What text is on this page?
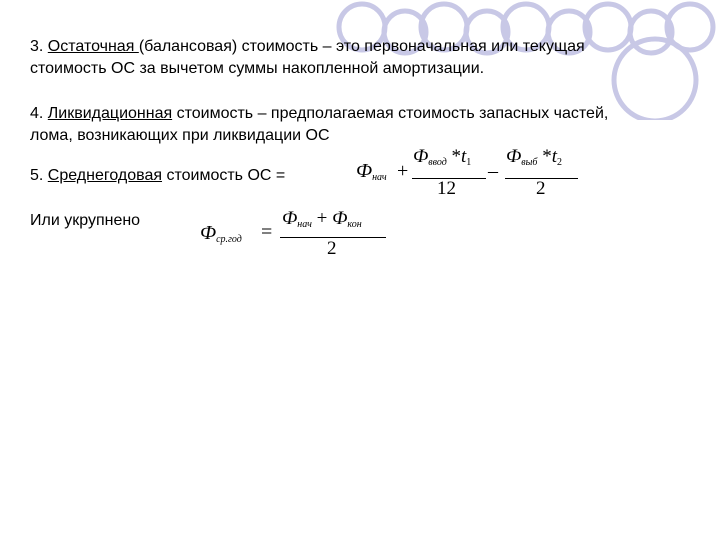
3. Остаточная (балансовая) стоимость – это первоначальная или текущая
стоимость ОС за вычетом суммы накопленной амортизации.
4. Ликвидационная стоимость – предполагаемая стоимость запасных частей,
лома, возникающих при ликвидации ОС
5. Среднегодовая стоимость ОС =
Или укрупнено
$Ф_{нач}$ +
$Ф_{ввод}$ $*t_1$
12
–
$Ф_{выб}$ $*t_2$
2
$Ф_{ср.год}$ =
$Ф_{нач} + Ф_{кон}$
2
